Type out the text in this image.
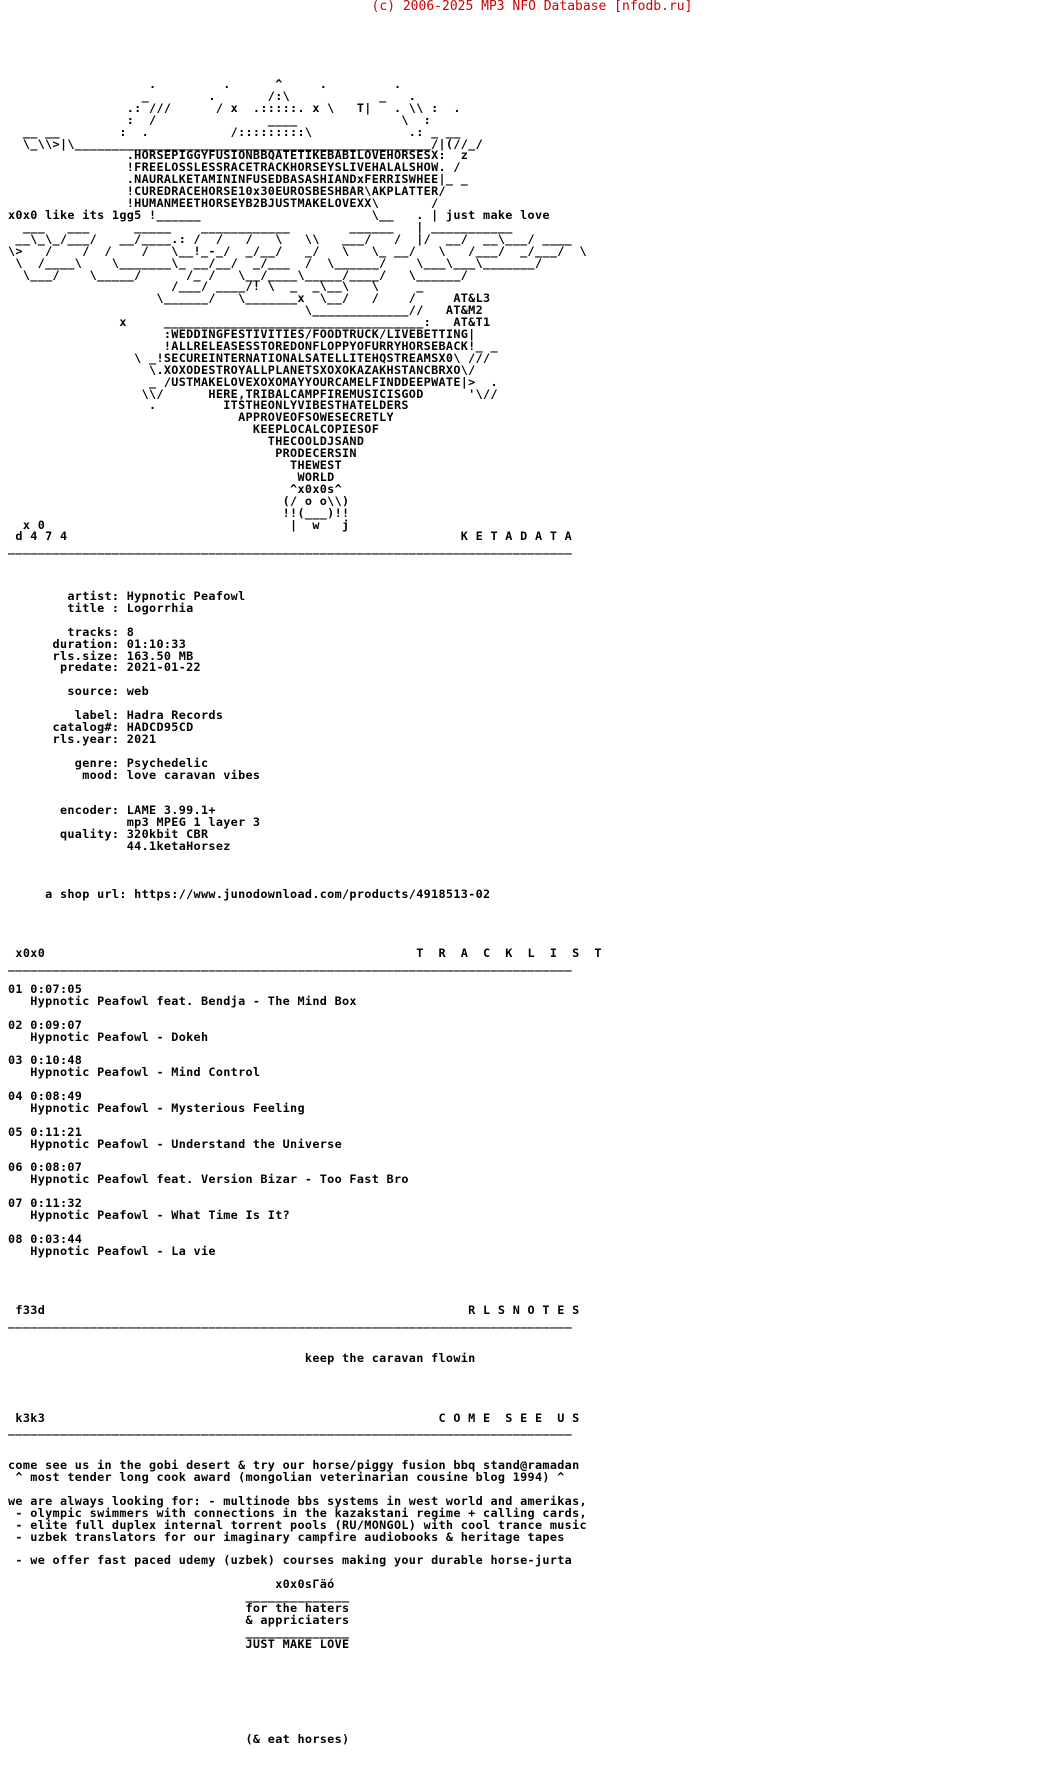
(c) 2006-2025 MP3 NFO Database [nfodb.ru]
.         .      ^     .         .
_        .       /:\            _   .
.: ///      / x  .:::::. x \   T|   . \\ :  .
:  /               ____              \  :
__ __        :  .           /:::::::::\             .: _ __
\_\\>|\________________________________________________/|(//_/
.HORSEPIGGYFUSIONBBQATETIKEBABILOVEHORSESX:  z
!FREELOSSLESSRACETRACKHORSEYSLIVEHALALSHOW. /
.NAURALKETAMININFUSEDBASASHIANDxFERRISWHEE|_ _
!CUREDRACEHORSE10x30EUROSBESHBAR\AKPLATTER/
!HUMANMEETHORSEYB2BJUSTMAKELOVEXX\       /
x0x0 like its 1gg5 !______                       \__   . | just make love
___   ___      _____    ____________        ______   | ___________
__\_\_/___/   __/____.: /  /   /   \   \\   ___/   /  |/  __/  __\___/ ____
\>   /    /  /    /   \__!_-_/  _/__/   _/   \   \_ __/   \   /___/  _/___/  \
\  /____\    \_______\_ __/__/  _/___  /  \______/    \___\___\_______/
\___/    \_____/      /_ /   \__/____\_____/____/   \______/
/___/ ____/! \  _  _\__\   \     _
\______/   \_______x  \__/   /    /     AT&L3
\_____________//   AT&M2
x     ___________________________________:   AT&T1
:WEDDINGFESTIVITIES/FOODTRUCK/LIVEBETTING|
!ALLRELEASESSTOREDONFLOPPYOFURRYHORSEBACK!_ _
\ _!SECUREINTERNATIONALSATELLITEHQSTREAMSX0\ ///
\.XOXODESTROYALLPLANETSXOXOKAZAKHSTANCBRXO\/
_ /USTMAKELOVEXOXOMAYYOURCAMELFINDDEEPWATE|>  .
\\/      HERE,TRIBALCAMPFIREMUSICISGOD      '\//
.         ITSTHEONLYVIBESTHATELDERS
APPROVEOFSOWESECRETLY
KEEPLOCALCOPIESOF
THECOOLDJSAND
PRODECERSIN
THEWEST
WORLD
^x0x0s^
(/ o o\\)
!!(___)!!
x 0                                 |  w   j
d 4 7 4                                                     K E T A D A T A
____________________________________________________________________________

artist: Hypnotic Peafowl
title : Logorrhia

tracks: 8
duration: 01:10:33
rls.size: 163.50 MB
predate: 2021-01-22

source: web

label: Hadra Records
catalog#: HADCD95CD
rls.year: 2021

genre: Psychedelic
mood: love caravan vibes

encoder: LAME 3.99.1+
mp3 MPEG 1 layer 3
quality: 320kbit CBR
44.1ketaHorsez

a shop url: https://www.junodownload.com/products/4918513-02

x0x0                                                  T  R  A  C  K  L  I  S  T
____________________________________________________________________________

01 0:07:05
Hypnotic Peafowl feat. Bendja - The Mind Box

02 0:09:07
Hypnotic Peafowl - Dokeh

03 0:10:48
Hypnotic Peafowl - Mind Control

04 0:08:49
Hypnotic Peafowl - Mysterious Feeling

05 0:11:21
Hypnotic Peafowl - Understand the Universe

06 0:08:07
Hypnotic Peafowl feat. Version Bizar - Too Fast Bro

07 0:11:32
Hypnotic Peafowl - What Time Is It?

08 0:03:44
Hypnotic Peafowl - La vie

f33d                                                         R L S N O T E S
____________________________________________________________________________

keep the caravan flowin

k3k3                                                     C O M E  S E E  U S
____________________________________________________________________________

come see us in the gobi desert & try our horse/piggy fusion bbq stand@ramadan
^ most tender long cook award (mongolian veterinarian cousine blog 1994) ^

we are always looking for: - multinode bbs systems in west world and amerikas,
- olympic swimmers with connections in the kazakstani regime + calling cards,
- elite full duplex internal torrent pools (RU/MONGOL) with cool trance music
- uzbek translators for our imaginary campfire audiobooks & heritage tapes

- we offer fast paced udemy (uzbek) courses making your durable horse-jurta

x0x0sГäó
______________
for the haters
& appriciaters
______________
JUST MAKE LOVE

(& eat horses)
